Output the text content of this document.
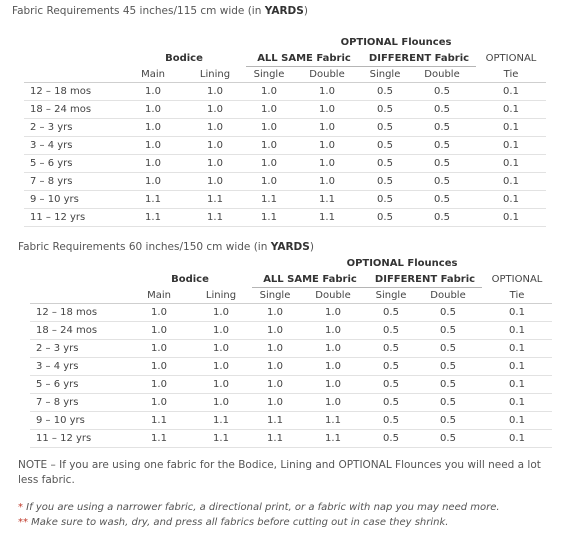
Fabric Requirements 45 inches/115 cm wide (in YARDS)
			OPTIONAL Flounces				
	Bodice		ALL SAME Fabric		DIFFERENT Fabric		OPTIONAL
	Main	Lining	Single	Double	Single	Double	Tie
12 – 18 mos	1.0	1.0	1.0	1.0	0.5	0.5	0.1
18 – 24 mos	1.0	1.0	1.0	1.0	0.5	0.5	0.1
2 – 3 yrs	1.0	1.0	1.0	1.0	0.5	0.5	0.1
3 – 4 yrs	1.0	1.0	1.0	1.0	0.5	0.5	0.1
5 – 6 yrs	1.0	1.0	1.0	1.0	0.5	0.5	0.1
7 – 8 yrs	1.0	1.0	1.0	1.0	0.5	0.5	0.1
9 – 10 yrs	1.1	1.1	1.1	1.1	0.5	0.5	0.1
11 – 12 yrs	1.1	1.1	1.1	1.1	0.5	0.5	0.1
Fabric Requirements 60 inches/150 cm wide (in YARDS)
			OPTIONAL Flounces				
	Bodice		ALL SAME Fabric		DIFFERENT Fabric		OPTIONAL
	Main	Lining	Single	Double	Single	Double	Tie
12 – 18 mos	1.0	1.0	1.0	1.0	0.5	0.5	0.1
18 – 24 mos	1.0	1.0	1.0	1.0	0.5	0.5	0.1
2 – 3 yrs	1.0	1.0	1.0	1.0	0.5	0.5	0.1
3 – 4 yrs	1.0	1.0	1.0	1.0	0.5	0.5	0.1
5 – 6 yrs	1.0	1.0	1.0	1.0	0.5	0.5	0.1
7 – 8 yrs	1.0	1.0	1.0	1.0	0.5	0.5	0.1
9 – 10 yrs	1.1	1.1	1.1	1.1	0.5	0.5	0.1
11 – 12 yrs	1.1	1.1	1.1	1.1	0.5	0.5	0.1
NOTE – If you are using one fabric for the Bodice, Lining and OPTIONAL Flounces you will need a lot less fabric.
* If you are using a narrower fabric, a directional print, or a fabric with nap you may need more.
** Make sure to wash, dry, and press all fabrics before cutting out in case they shrink.
